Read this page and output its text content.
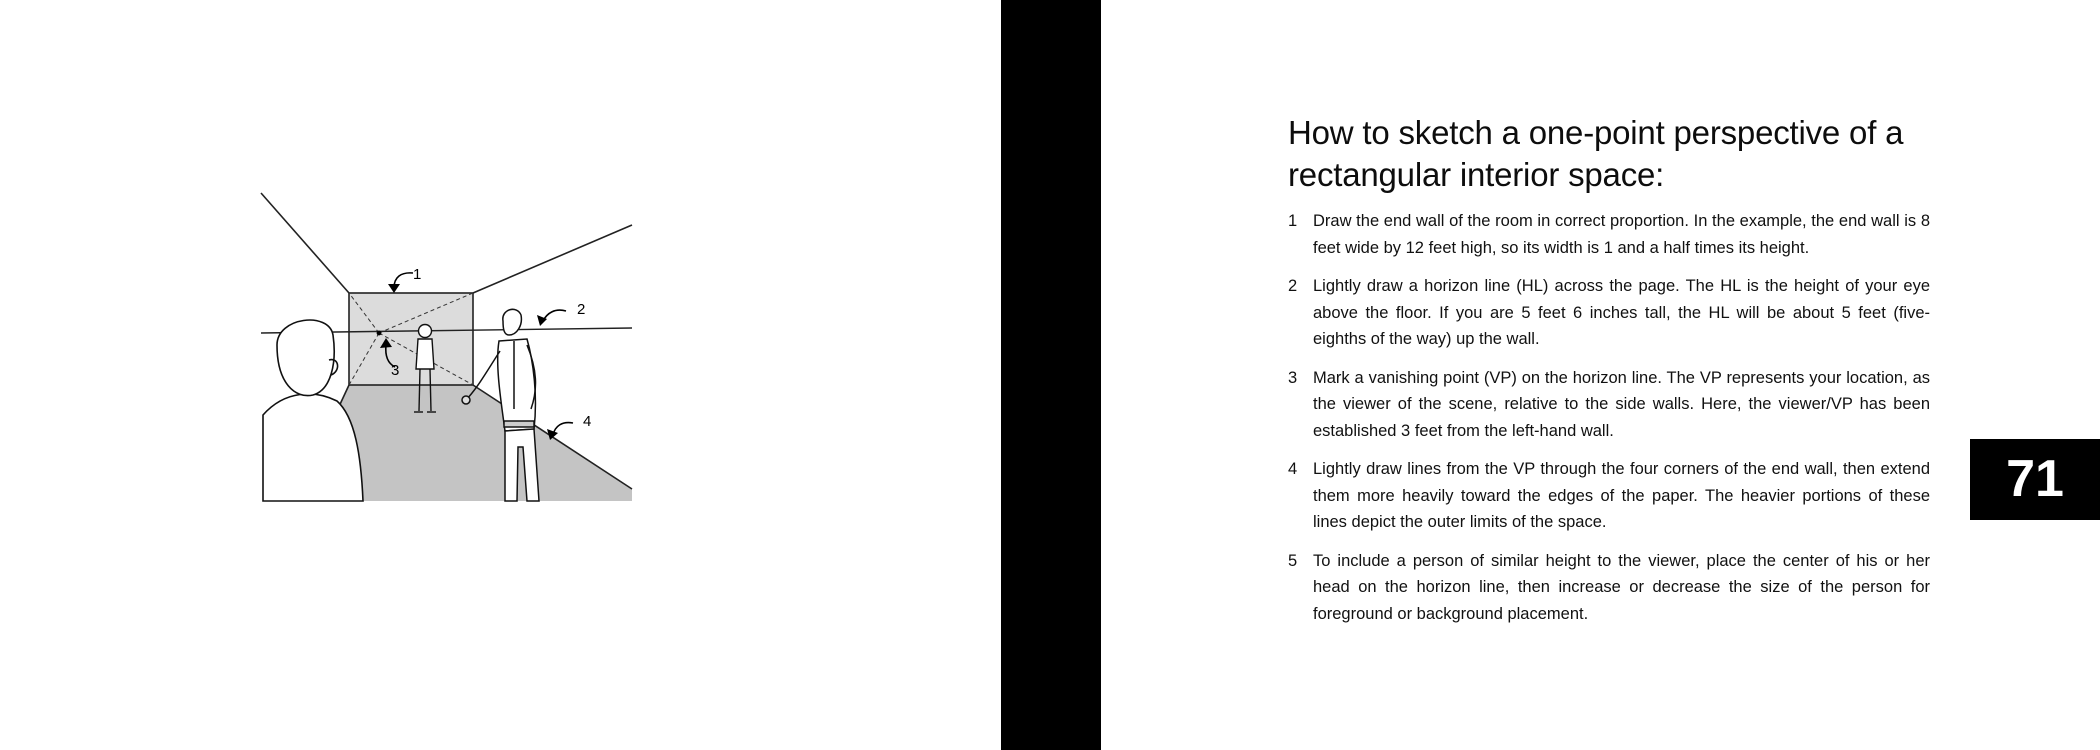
1
2
3
4
How to sketch a one-point perspective of a rectangular interior space:
1 Draw the end wall of the room in correct proportion. In the example, the end wall is 8 feet wide by 12 feet high, so its width is 1 and a half times its height.
2 Lightly draw a horizon line (HL) across the page. The HL is the height of your eye above the floor. If you are 5 feet 6 inches tall, the HL will be about 5 feet (five-eighths of the way) up the wall.
3 Mark a vanishing point (VP) on the horizon line. The VP represents your location, as the viewer of the scene, relative to the side walls. Here, the viewer/VP has been established 3 feet from the left-hand wall.
4 Lightly draw lines from the VP through the four corners of the end wall, then extend them more heavily toward the edges of the paper. The heavier portions of these lines depict the outer limits of the space.
5 To include a person of similar height to the viewer, place the center of his or her head on the horizon line, then increase or decrease the size of the person for foreground or background placement.
71
